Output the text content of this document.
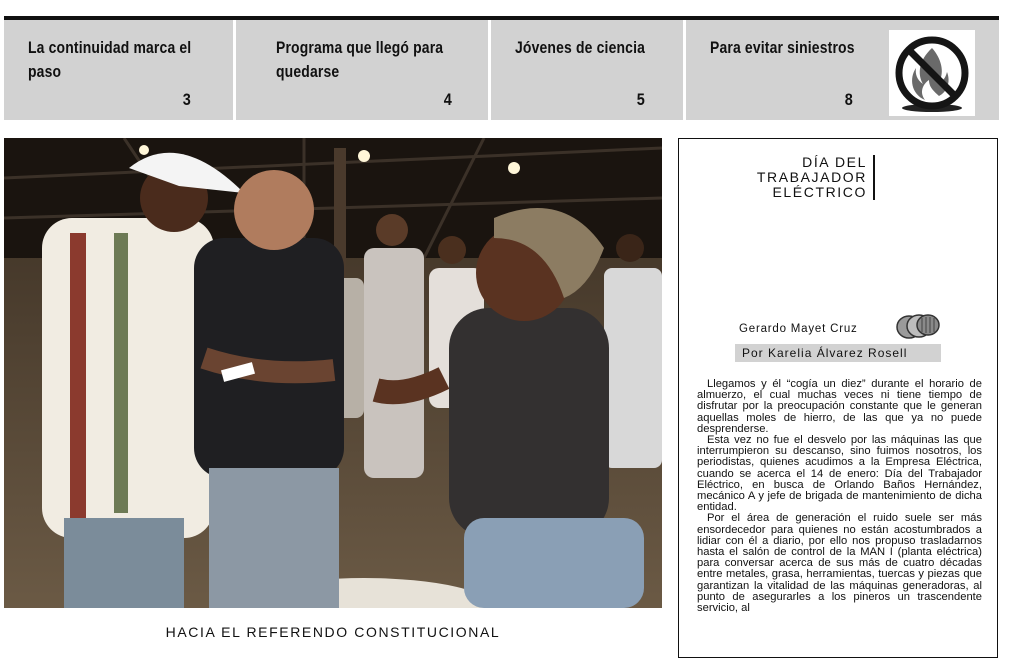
La continuidad marca el paso
3
Programa que llegó para quedarse
4
Jóvenes de ciencia
5
Para evitar siniestros
8
HACIA EL REFERENDO CONSTITUCIONAL
DÍA DEL
TRABAJADOR
ELÉCTRICO
Gerardo Mayet Cruz
Por Karelia Álvarez Rosell

Llegamos y él “cogía un diez” durante el horario de almuerzo, el cual muchas veces ni tiene tiempo de disfrutar por la preocupación constante que le generan aquellas moles de hierro, de las que ya no puede desprenderse.

Esta vez no fue el desvelo por las máquinas las que interrumpieron su descanso, sino fuimos nosotros, los periodistas, quienes acudimos a la Empresa Eléctrica, cuando se acerca el 14 de enero: Día del Trabajador Eléctrico, en busca de Orlando Baños Hernández, mecánico A y jefe de brigada de mantenimiento de dicha entidad.

Por el área de generación el ruido suele ser más ensordecedor para quienes no están acostumbrados a lidiar con él a diario, por ello nos propuso trasladarnos hasta el salón de control de la MAN I (planta eléctrica) para conversar acerca de sus más de cuatro décadas entre metales, grasa, herramientas, tuercas y piezas que garantizan la vitalidad de las máquinas generadoras, al punto de asegurarles a los pineros un trascendente servicio, al
